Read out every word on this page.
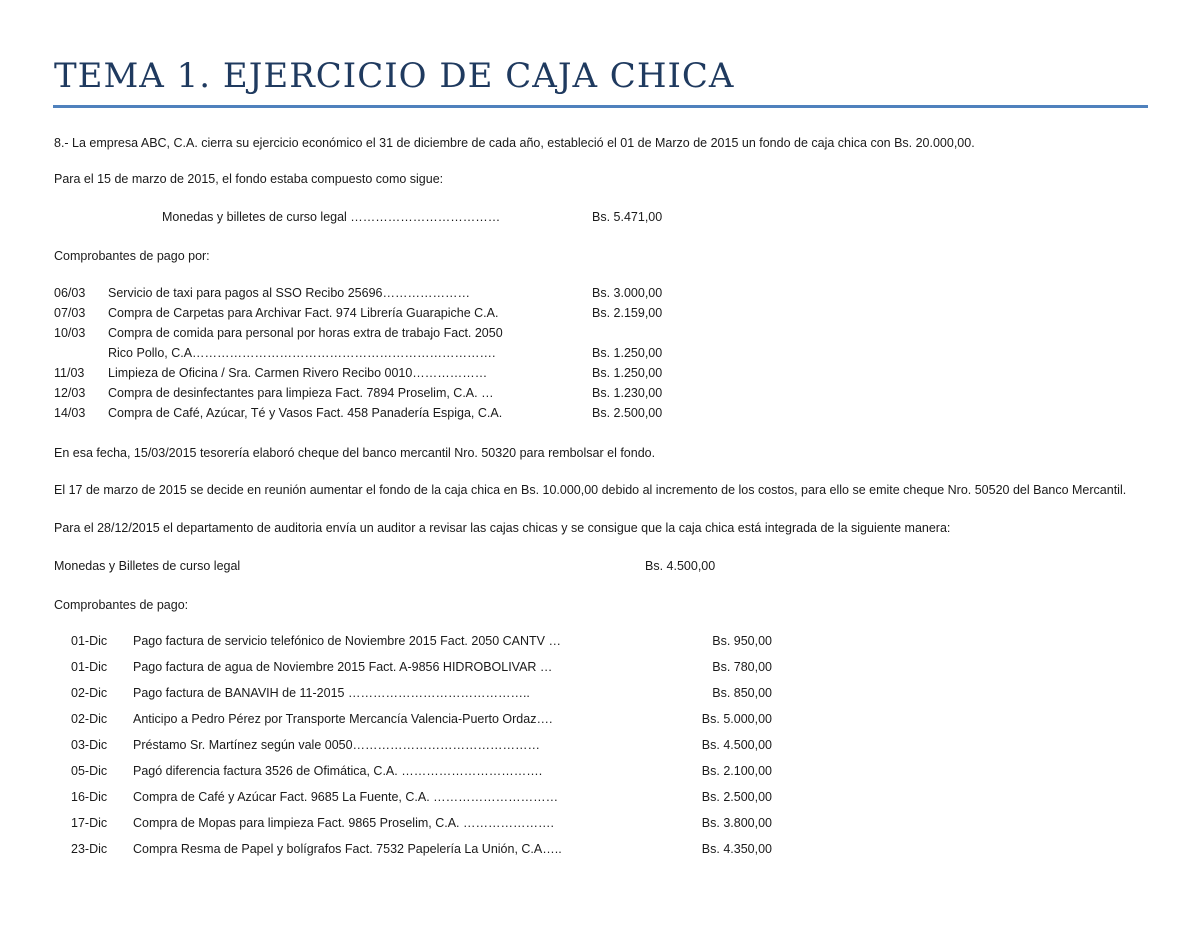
TEMA 1. EJERCICIO DE CAJA CHICA
8.- La empresa ABC, C.A. cierra su ejercicio económico el 31 de diciembre de cada año, estableció el 01 de Marzo de 2015 un fondo de caja chica con Bs. 20.000,00.
Para el 15 de marzo de 2015, el fondo estaba compuesto como sigue:
Monedas y billetes de curso legal ………………………………	Bs. 5.471,00
Comprobantes de pago por:
06/03 Servicio de taxi para pagos al SSO Recibo 25696…………………	Bs. 3.000,00
07/03 Compra de Carpetas para Archivar Fact. 974 Librería Guarapiche C.A.	Bs. 2.159,00
10/03 Compra de comida para personal por horas extra de trabajo Fact. 2050
Rico Pollo, C.A……………………………………………………………….	Bs. 1.250,00
11/03 Limpieza de Oficina / Sra. Carmen Rivero Recibo 0010………………	Bs. 1.250,00
12/03 Compra de desinfectantes para limpieza Fact. 7894 Proselim, C.A. …	Bs. 1.230,00
14/03 Compra de Café, Azúcar, Té y Vasos Fact. 458 Panadería Espiga, C.A.	Bs. 2.500,00
En esa fecha, 15/03/2015 tesorería elaboró cheque del banco mercantil Nro. 50320 para rembolsar el fondo.
El 17 de marzo de 2015 se decide en reunión aumentar el fondo de la caja chica en Bs. 10.000,00 debido al incremento de los costos, para ello se emite cheque Nro. 50520 del Banco Mercantil.
Para el 28/12/2015 el departamento de auditoria envía un auditor a revisar las cajas chicas y se consigue que la caja chica está integrada de la siguiente manera:
Monedas y Billetes de curso legal	Bs. 4.500,00
Comprobantes de pago:
01-Dic Pago factura de servicio telefónico de Noviembre 2015 Fact. 2050 CANTV …	Bs. 950,00
01-Dic Pago factura de agua de Noviembre 2015 Fact. A-9856 HIDROBOLIVAR …	Bs. 780,00
02-Dic Pago factura de BANAVIH de 11-2015 ……………………………………..	Bs. 850,00
02-Dic Anticipo a Pedro Pérez por Transporte Mercancía Valencia-Puerto Ordaz….	Bs. 5.000,00
03-Dic Préstamo Sr. Martínez según vale 0050………………………………………	Bs. 4.500,00
05-Dic Pagó diferencia factura 3526 de Ofimática, C.A. …………………………….	Bs. 2.100,00
16-Dic Compra de Café y Azúcar Fact. 9685 La Fuente, C.A. …………………………	Bs. 2.500,00
17-Dic Compra de Mopas para limpieza Fact. 9865 Proselim, C.A. ………………….	Bs. 3.800,00
23-Dic Compra Resma de Papel y bolígrafos Fact. 7532 Papelería La Unión, C.A…..	Bs. 4.350,00
